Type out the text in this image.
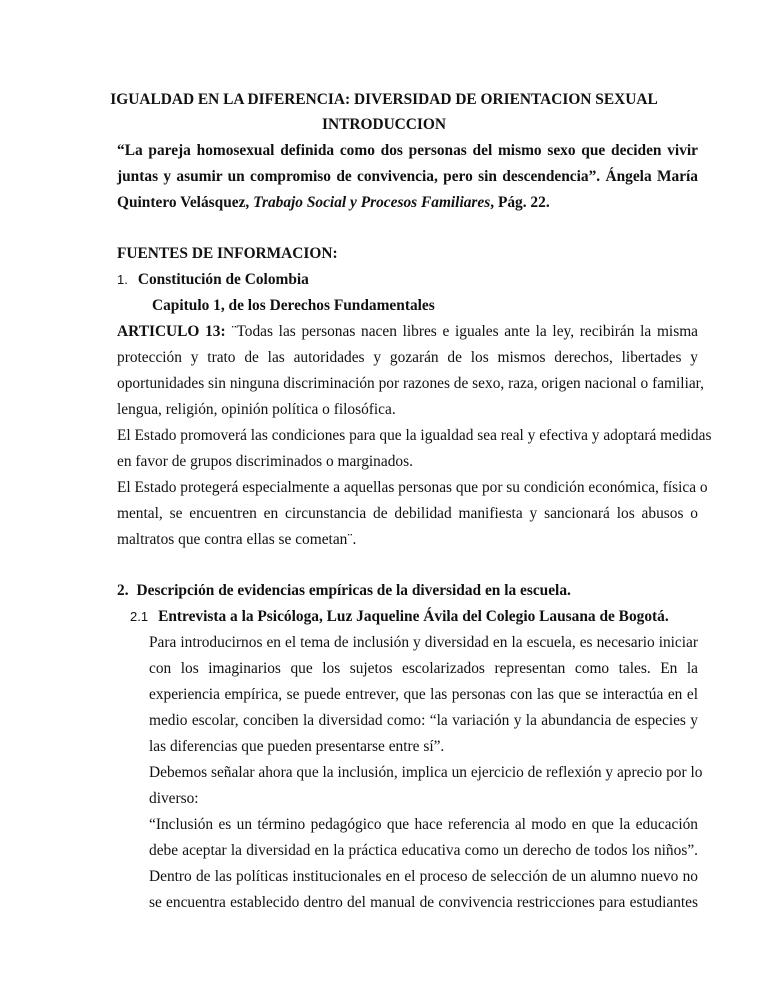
IGUALDAD EN LA DIFERENCIA: DIVERSIDAD DE ORIENTACION SEXUAL
INTRODUCCION
“La pareja homosexual definida como dos personas del mismo sexo que deciden vivir
juntas y asumir un compromiso de convivencia, pero sin descendencia”. Ángela María
Quintero Velásquez, Trabajo Social y Procesos Familiares, Pág. 22.
FUENTES DE INFORMACION:
1. Constitución de Colombia
Capitulo 1, de los Derechos Fundamentales
ARTICULO 13: ¨Todas las personas nacen libres e iguales ante la ley, recibirán la misma
protección y trato de las autoridades y gozarán de los mismos derechos, libertades y
oportunidades sin ninguna discriminación por razones de sexo, raza, origen nacional o familiar,
lengua, religión, opinión política o filosófica.
El Estado promoverá las condiciones para que la igualdad sea real y efectiva y adoptará medidas
en favor de grupos discriminados o marginados.
El Estado protegerá especialmente a aquellas personas que por su condición económica, física o
mental, se encuentren en circunstancia de debilidad manifiesta y sancionará los abusos o
maltratos que contra ellas se cometan¨.
2. Descripción de evidencias empíricas de la diversidad en la escuela.
2.1 Entrevista a la Psicóloga, Luz Jaqueline Ávila del Colegio Lausana de Bogotá.
Para introducirnos en el tema de inclusión y diversidad en la escuela, es necesario iniciar
con los imaginarios que los sujetos escolarizados representan como tales. En la
experiencia empírica, se puede entrever, que las personas con las que se interactúa en el
medio escolar, conciben la diversidad como: “la variación y la abundancia de especies y
las diferencias que pueden presentarse entre sí”.
Debemos señalar ahora que la inclusión, implica un ejercicio de reflexión y aprecio por lo
diverso:
“Inclusión es un término pedagógico que hace referencia al modo en que la educación
debe aceptar la diversidad en la práctica educativa como un derecho de todos los niños”.
Dentro de las políticas institucionales en el proceso de selección de un alumno nuevo no
se encuentra establecido dentro del manual de convivencia restricciones para estudiantes
